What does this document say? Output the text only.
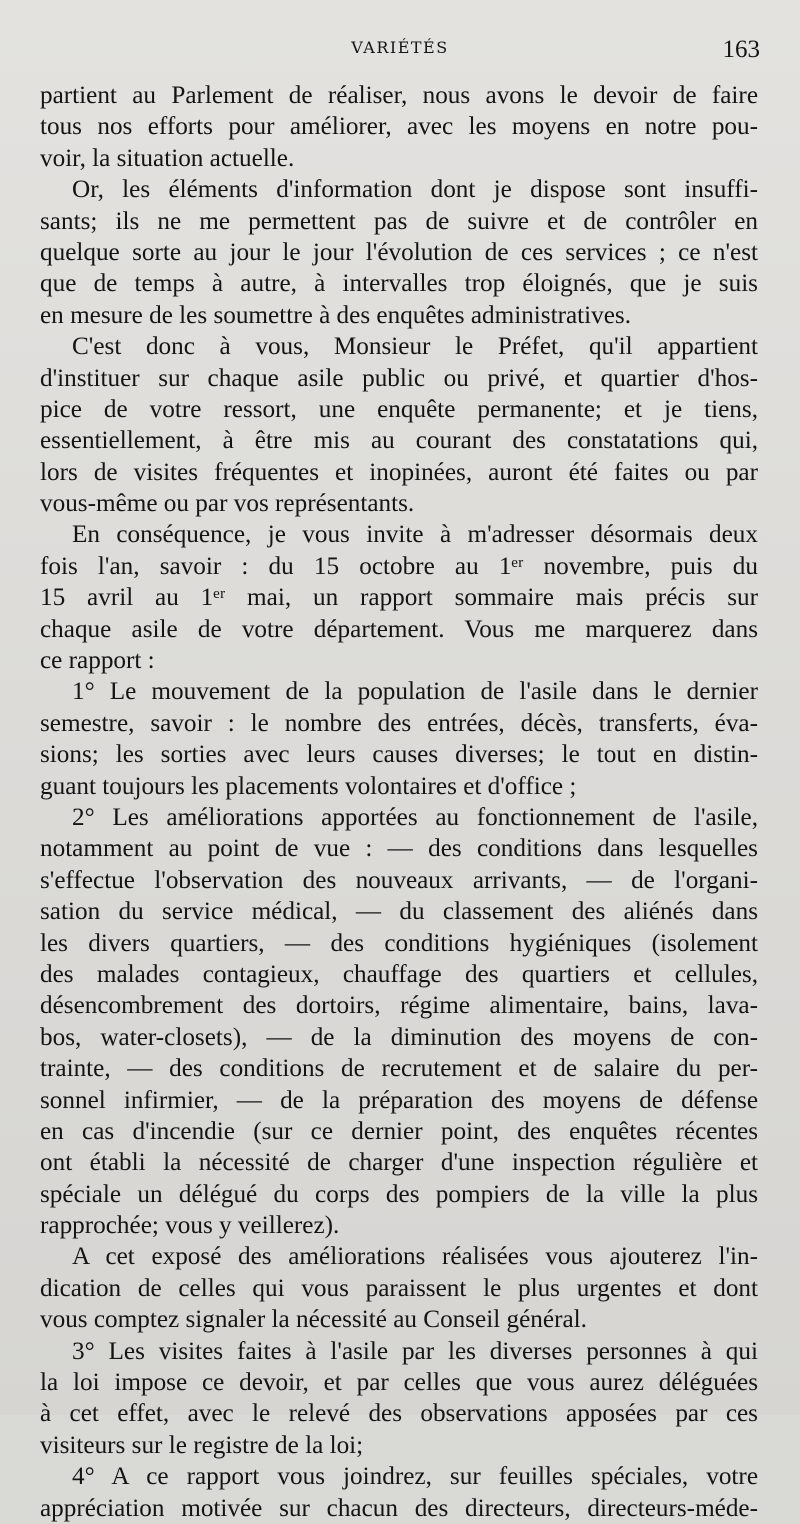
VARIÉTÉS	163
partient au Parlement de réaliser, nous avons le devoir de faire
tous nos efforts pour améliorer, avec les moyens en notre pou-
voir, la situation actuelle.
Or, les éléments d'information dont je dispose sont insuffi-
sants; ils ne me permettent pas de suivre et de contrôler en
quelque sorte au jour le jour l'évolution de ces services ; ce n'est
que de temps à autre, à intervalles trop éloignés, que je suis
en mesure de les soumettre à des enquêtes administratives.
C'est donc à vous, Monsieur le Préfet, qu'il appartient
d'instituer sur chaque asile public ou privé, et quartier d'hos-
pice de votre ressort, une enquête permanente; et je tiens,
essentiellement, à être mis au courant des constatations qui,
lors de visites fréquentes et inopinées, auront été faites ou par
vous-même ou par vos représentants.
En conséquence, je vous invite à m'adresser désormais deux
fois l'an, savoir : du 15 octobre au 1ᵉʳ novembre, puis du
15 avril au 1ᵉʳ mai, un rapport sommaire mais précis sur
chaque asile de votre département. Vous me marquerez dans
ce rapport :
1° Le mouvement de la population de l'asile dans le dernier
semestre, savoir : le nombre des entrées, décès, transferts, éva-
sions; les sorties avec leurs causes diverses; le tout en distin-
guant toujours les placements volontaires et d'office ;
2° Les améliorations apportées au fonctionnement de l'asile,
notamment au point de vue : — des conditions dans lesquelles
s'effectue l'observation des nouveaux arrivants, — de l'organi-
sation du service médical, — du classement des aliénés dans
les divers quartiers, — des conditions hygiéniques (isolement
des malades contagieux, chauffage des quartiers et cellules,
désencombrement des dortoirs, régime alimentaire, bains, lava-
bos, water-closets), — de la diminution des moyens de con-
trainte, — des conditions de recrutement et de salaire du per-
sonnel infirmier, — de la préparation des moyens de défense
en cas d'incendie (sur ce dernier point, des enquêtes récentes
ont établi la nécessité de charger d'une inspection régulière et
spéciale un délégué du corps des pompiers de la ville la plus
rapprochée; vous y veillerez).
A cet exposé des améliorations réalisées vous ajouterez l'in-
dication de celles qui vous paraissent le plus urgentes et dont
vous comptez signaler la nécessité au Conseil général.
3° Les visites faites à l'asile par les diverses personnes à qui
la loi impose ce devoir, et par celles que vous aurez déléguées
à cet effet, avec le relevé des observations apposées par ces
visiteurs sur le registre de la loi;
4° A ce rapport vous joindrez, sur feuilles spéciales, votre
appréciation motivée sur chacun des directeurs, directeurs-méde-
